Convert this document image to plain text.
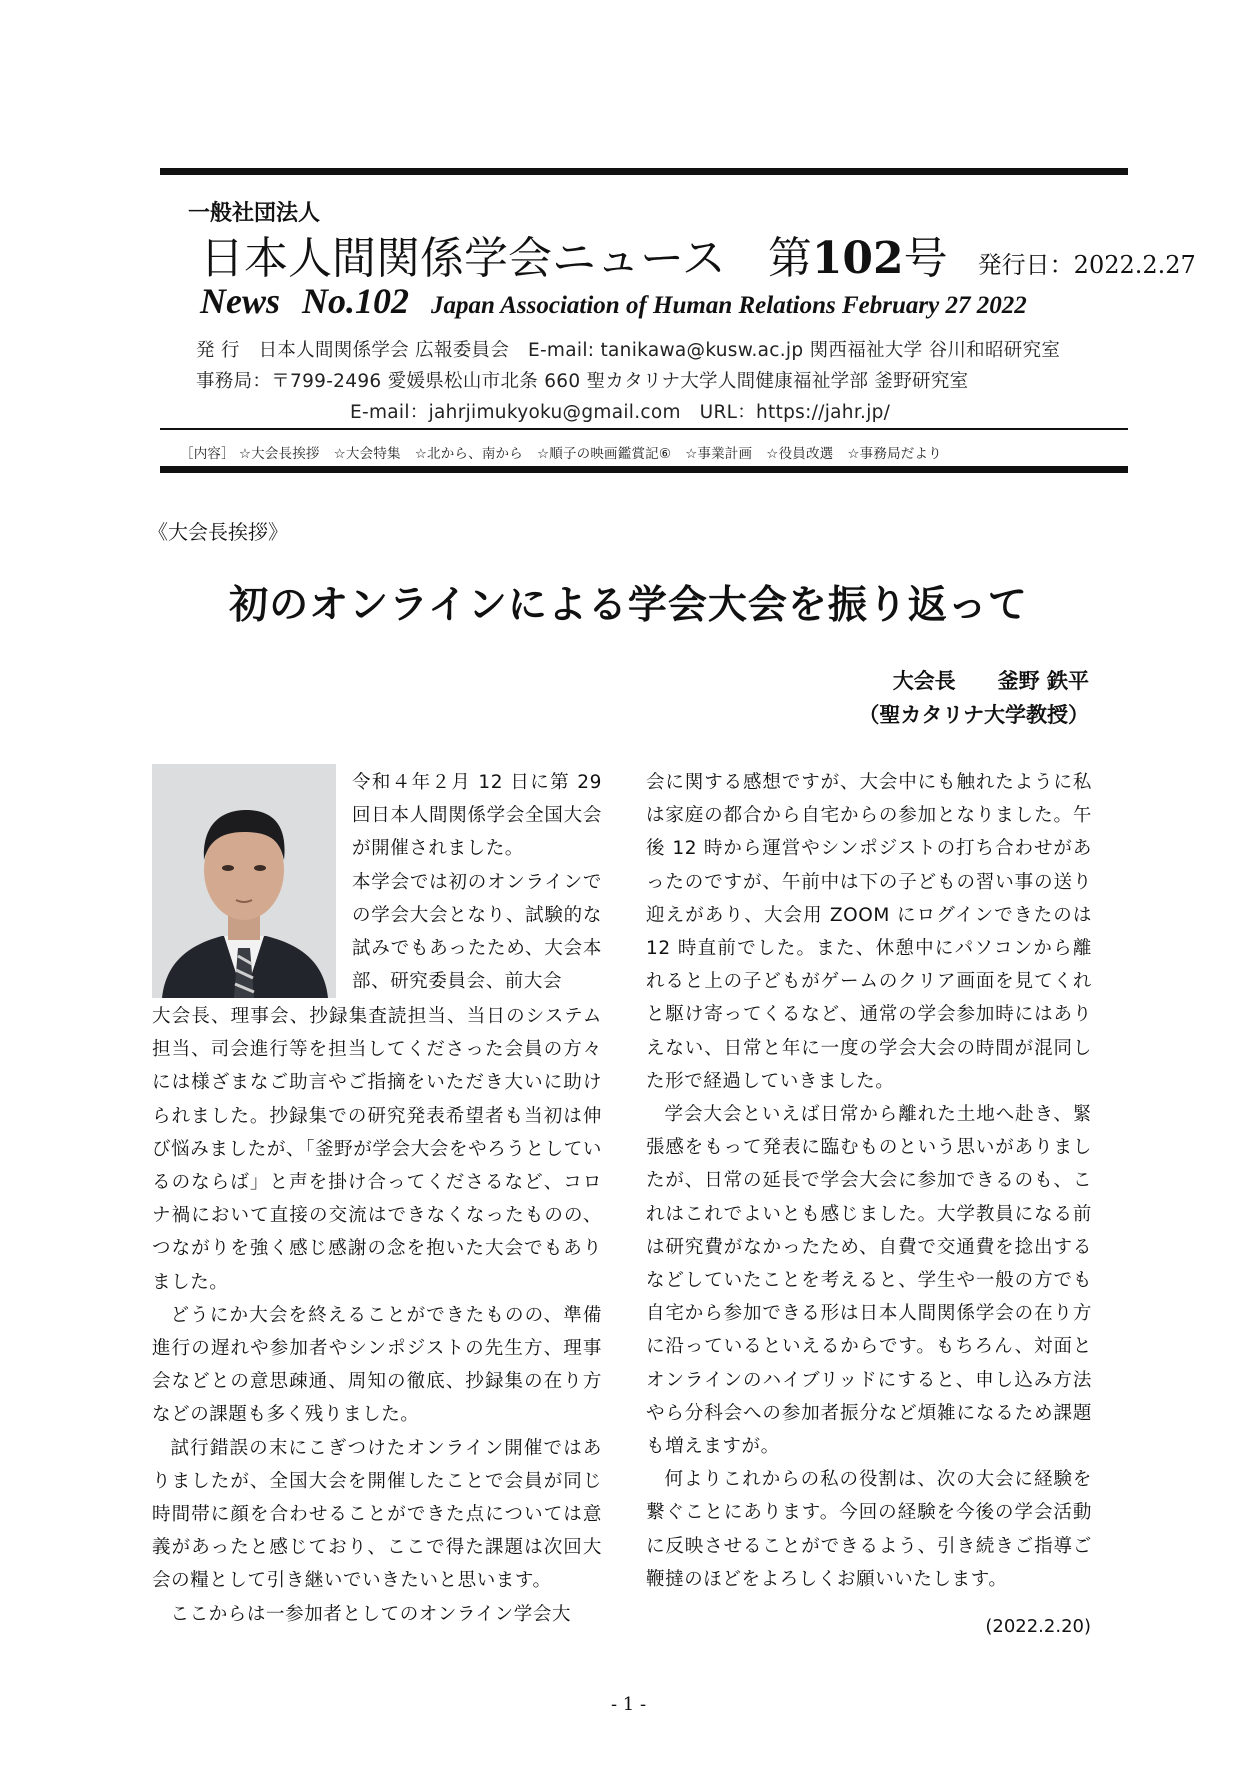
一般社団法人
日本人間関係学会ニュース 第102号 発行日：2022.2.27
News No.102 Japan Association of Human Relations February 27 2022
発 行　日本人間関係学会 広報委員会　E-mail: tanikawa@kusw.ac.jp 関西福祉大学 谷川和昭研究室
事務局：〒799-2496 愛媛県松山市北条 660 聖カタリナ大学人間健康福祉学部 釜野研究室
E-mail：jahrjimukyoku@gmail.com　URL：https://jahr.jp/
［内容］ ☆大会長挨拶 ☆大会特集 ☆北から、南から ☆順子の映画鑑賞記⑥ ☆事業計画 ☆役員改選 ☆事務局だより
《大会長挨拶》
初のオンラインによる学会大会を振り返って
大会長　　釜野 鉄平
（聖カタリナ大学教授）
令和４年２月 12 日に第 29 回日本人間関係学会全国大会が開催されました。
本学会では初のオンラインでの学会大会となり、試験的な試みでもあったため、大会本部、研究委員会、前大会

大会長、理事会、抄録集査読担当、当日のシステム担当、司会進行等を担当してくださった会員の方々には様ざまなご助言やご指摘をいただき大いに助けられました。抄録集での研究発表希望者も当初は伸び悩みましたが、「釜野が学会大会をやろうとしているのならば」と声を掛け合ってくださるなど、コロナ禍において直接の交流はできなくなったものの、つながりを強く感じ感謝の念を抱いた大会でもありました。

どうにか大会を終えることができたものの、準備進行の遅れや参加者やシンポジストの先生方、理事会などとの意思疎通、周知の徹底、抄録集の在り方などの課題も多く残りました。

試行錯誤の末にこぎつけたオンライン開催ではありましたが、全国大会を開催したことで会員が同じ時間帯に顔を合わせることができた点については意義があったと感じており、ここで得た課題は次回大会の糧として引き継いでいきたいと思います。

ここからは一参加者としてのオンライン学会大

会に関する感想ですが、大会中にも触れたように私は家庭の都合から自宅からの参加となりました。午後 12 時から運営やシンポジストの打ち合わせがあったのですが、午前中は下の子どもの習い事の送り迎えがあり、大会用 ZOOM にログインできたのは 12 時直前でした。また、休憩中にパソコンから離れると上の子どもがゲームのクリア画面を見てくれと駆け寄ってくるなど、通常の学会参加時にはありえない、日常と年に一度の学会大会の時間が混同した形で経過していきました。

学会大会といえば日常から離れた土地へ赴き、緊張感をもって発表に臨むものという思いがありましたが、日常の延長で学会大会に参加できるのも、これはこれでよいとも感じました。大学教員になる前は研究費がなかったため、自費で交通費を捻出するなどしていたことを考えると、学生や一般の方でも自宅から参加できる形は日本人間関係学会の在り方に沿っているといえるからです。もちろん、対面とオンラインのハイブリッドにすると、申し込み方法やら分科会への参加者振分など煩雑になるため課題も増えますが。

何よりこれからの私の役割は、次の大会に経験を繋ぐことにあります。今回の経験を今後の学会活動に反映させることができるよう、引き続きご指導ご鞭撻のほどをよろしくお願いいたします。

(2022.2.20)
- 1 -
